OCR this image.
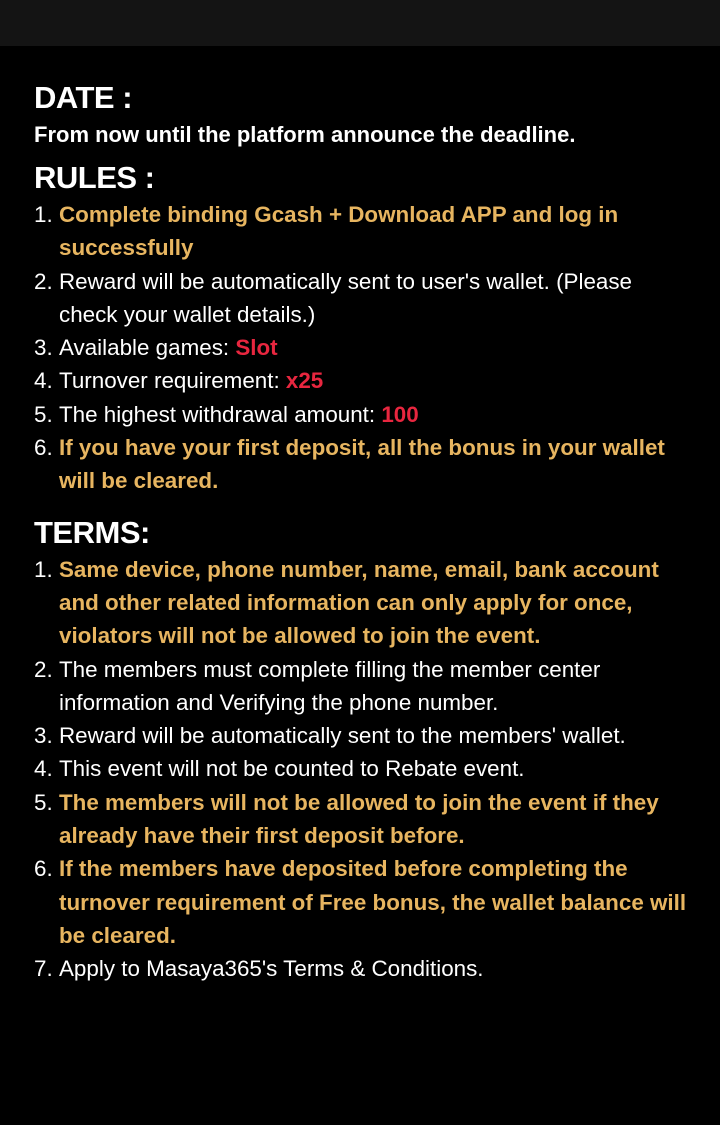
DATE :

From now until the platform announce the deadline.

RULES :
1. Complete binding Gcash + Download APP and log in successfully
2. Reward will be automatically sent to user's wallet. (Please check your wallet details.)
3. Available games: Slot
4. Turnover requirement: x25
5. The highest withdrawal amount: 100
6. If you have your first deposit, all the bonus in your wallet will be cleared.
TERMS:
1. Same device, phone number, name, email, bank account and other related information can only apply for once, violators will not be allowed to join the event.
2. The members must complete filling the member center information and Verifying the phone number.
3. Reward will be automatically sent to the members' wallet.
4. This event will not be counted to Rebate event.
5. The members will not be allowed to join the event if they already have their first deposit before.
6. If the members have deposited before completing the turnover requirement of Free bonus, the wallet balance will be cleared.
7. Apply to Masaya365's Terms & Conditions.
